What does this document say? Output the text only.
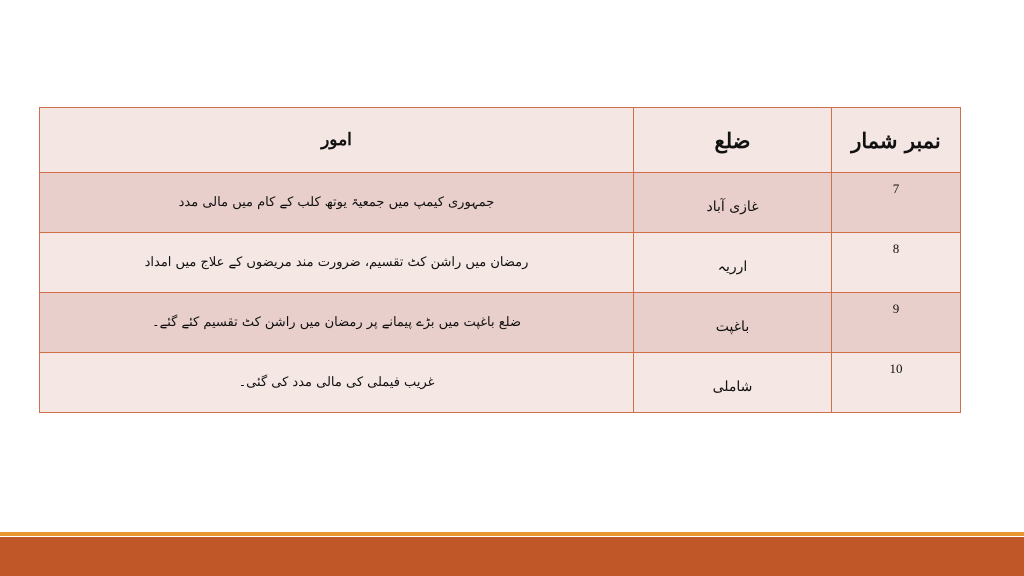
امور	ضلع	نمبر شمار
جمہوری کیمپ میں جمعیۃ یوتھ کلب کے کام میں مالی مدد	غازی آباد	7

رمضان میں راشن کٹ تقسیم، ضرورت مند مریضوں کے علاج میں امداد	ارریہ	8

ضلع باغپت میں بڑے پیمانے پر رمضان میں راشن کٹ تقسیم کئے گئے۔	باغپت	9

غریب فیملی کی مالی مدد کی گئی۔	شاملی	10
